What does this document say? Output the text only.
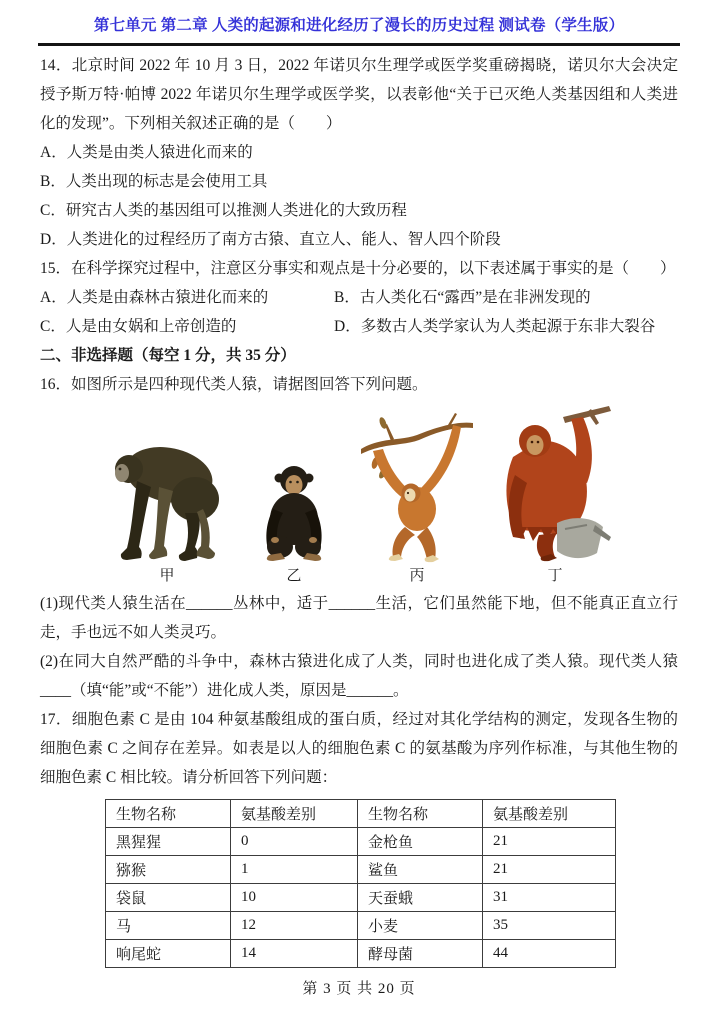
第七单元 第二章 人类的起源和进化经历了漫长的历史过程 测试卷（学生版）

14．北京时间 2022 年 10 月 3 日，2022 年诺贝尔生理学或医学奖重磅揭晓，诺贝尔大会决定授予斯万特·帕博 2022 年诺贝尔生理学或医学奖，以表彰他“关于已灭绝人类基因组和人类进化的发现”。下列相关叙述正确的是（　　）

A．人类是由类人猿进化而来的
B．人类出现的标志是会使用工具
C．研究古人类的基因组可以推测人类进化的大致历程
D．人类进化的过程经历了南方古猿、直立人、能人、智人四个阶段

15．在科学探究过程中，注意区分事实和观点是十分必要的，以下表述属于事实的是（　　）

A．人类是由森林古猿进化而来的	B．古人类化石“露西”是在非洲发现的
C．人是由女娲和上帝创造的	D．多数古人类学家认为人类起源于东非大裂谷
二、非选择题（每空 1 分，共 35 分）

16．如图所示是四种现代类人猿，请据图回答下列问题。

甲	乙	丙	丁

(1)现代类人猿生活在______丛林中，适于______生活，它们虽然能下地，但不能真正直立行走，手也远不如人类灵巧。

(2)在同大自然严酷的斗争中，森林古猿进化成了人类，同时也进化成了类人猿。现代类人猿____（填“能”或“不能”）进化成人类，原因是______。

17．细胞色素 C 是由 104 种氨基酸组成的蛋白质，经过对其化学结构的测定，发现各生物的细胞色素 C 之间存在差异。如表是以人的细胞色素 C 的氨基酸为序列作标准，与其他生物的细胞色素 C 相比较。请分析回答下列问题：

生物名称	氨基酸差别	生物名称	氨基酸差别
黑猩猩	0	金枪鱼	21
猕猴	1	鲨鱼	21
袋鼠	10	天蚕蛾	31
马	12	小麦	35
响尾蛇	14	酵母菌	44
第 3 页 共 20 页
